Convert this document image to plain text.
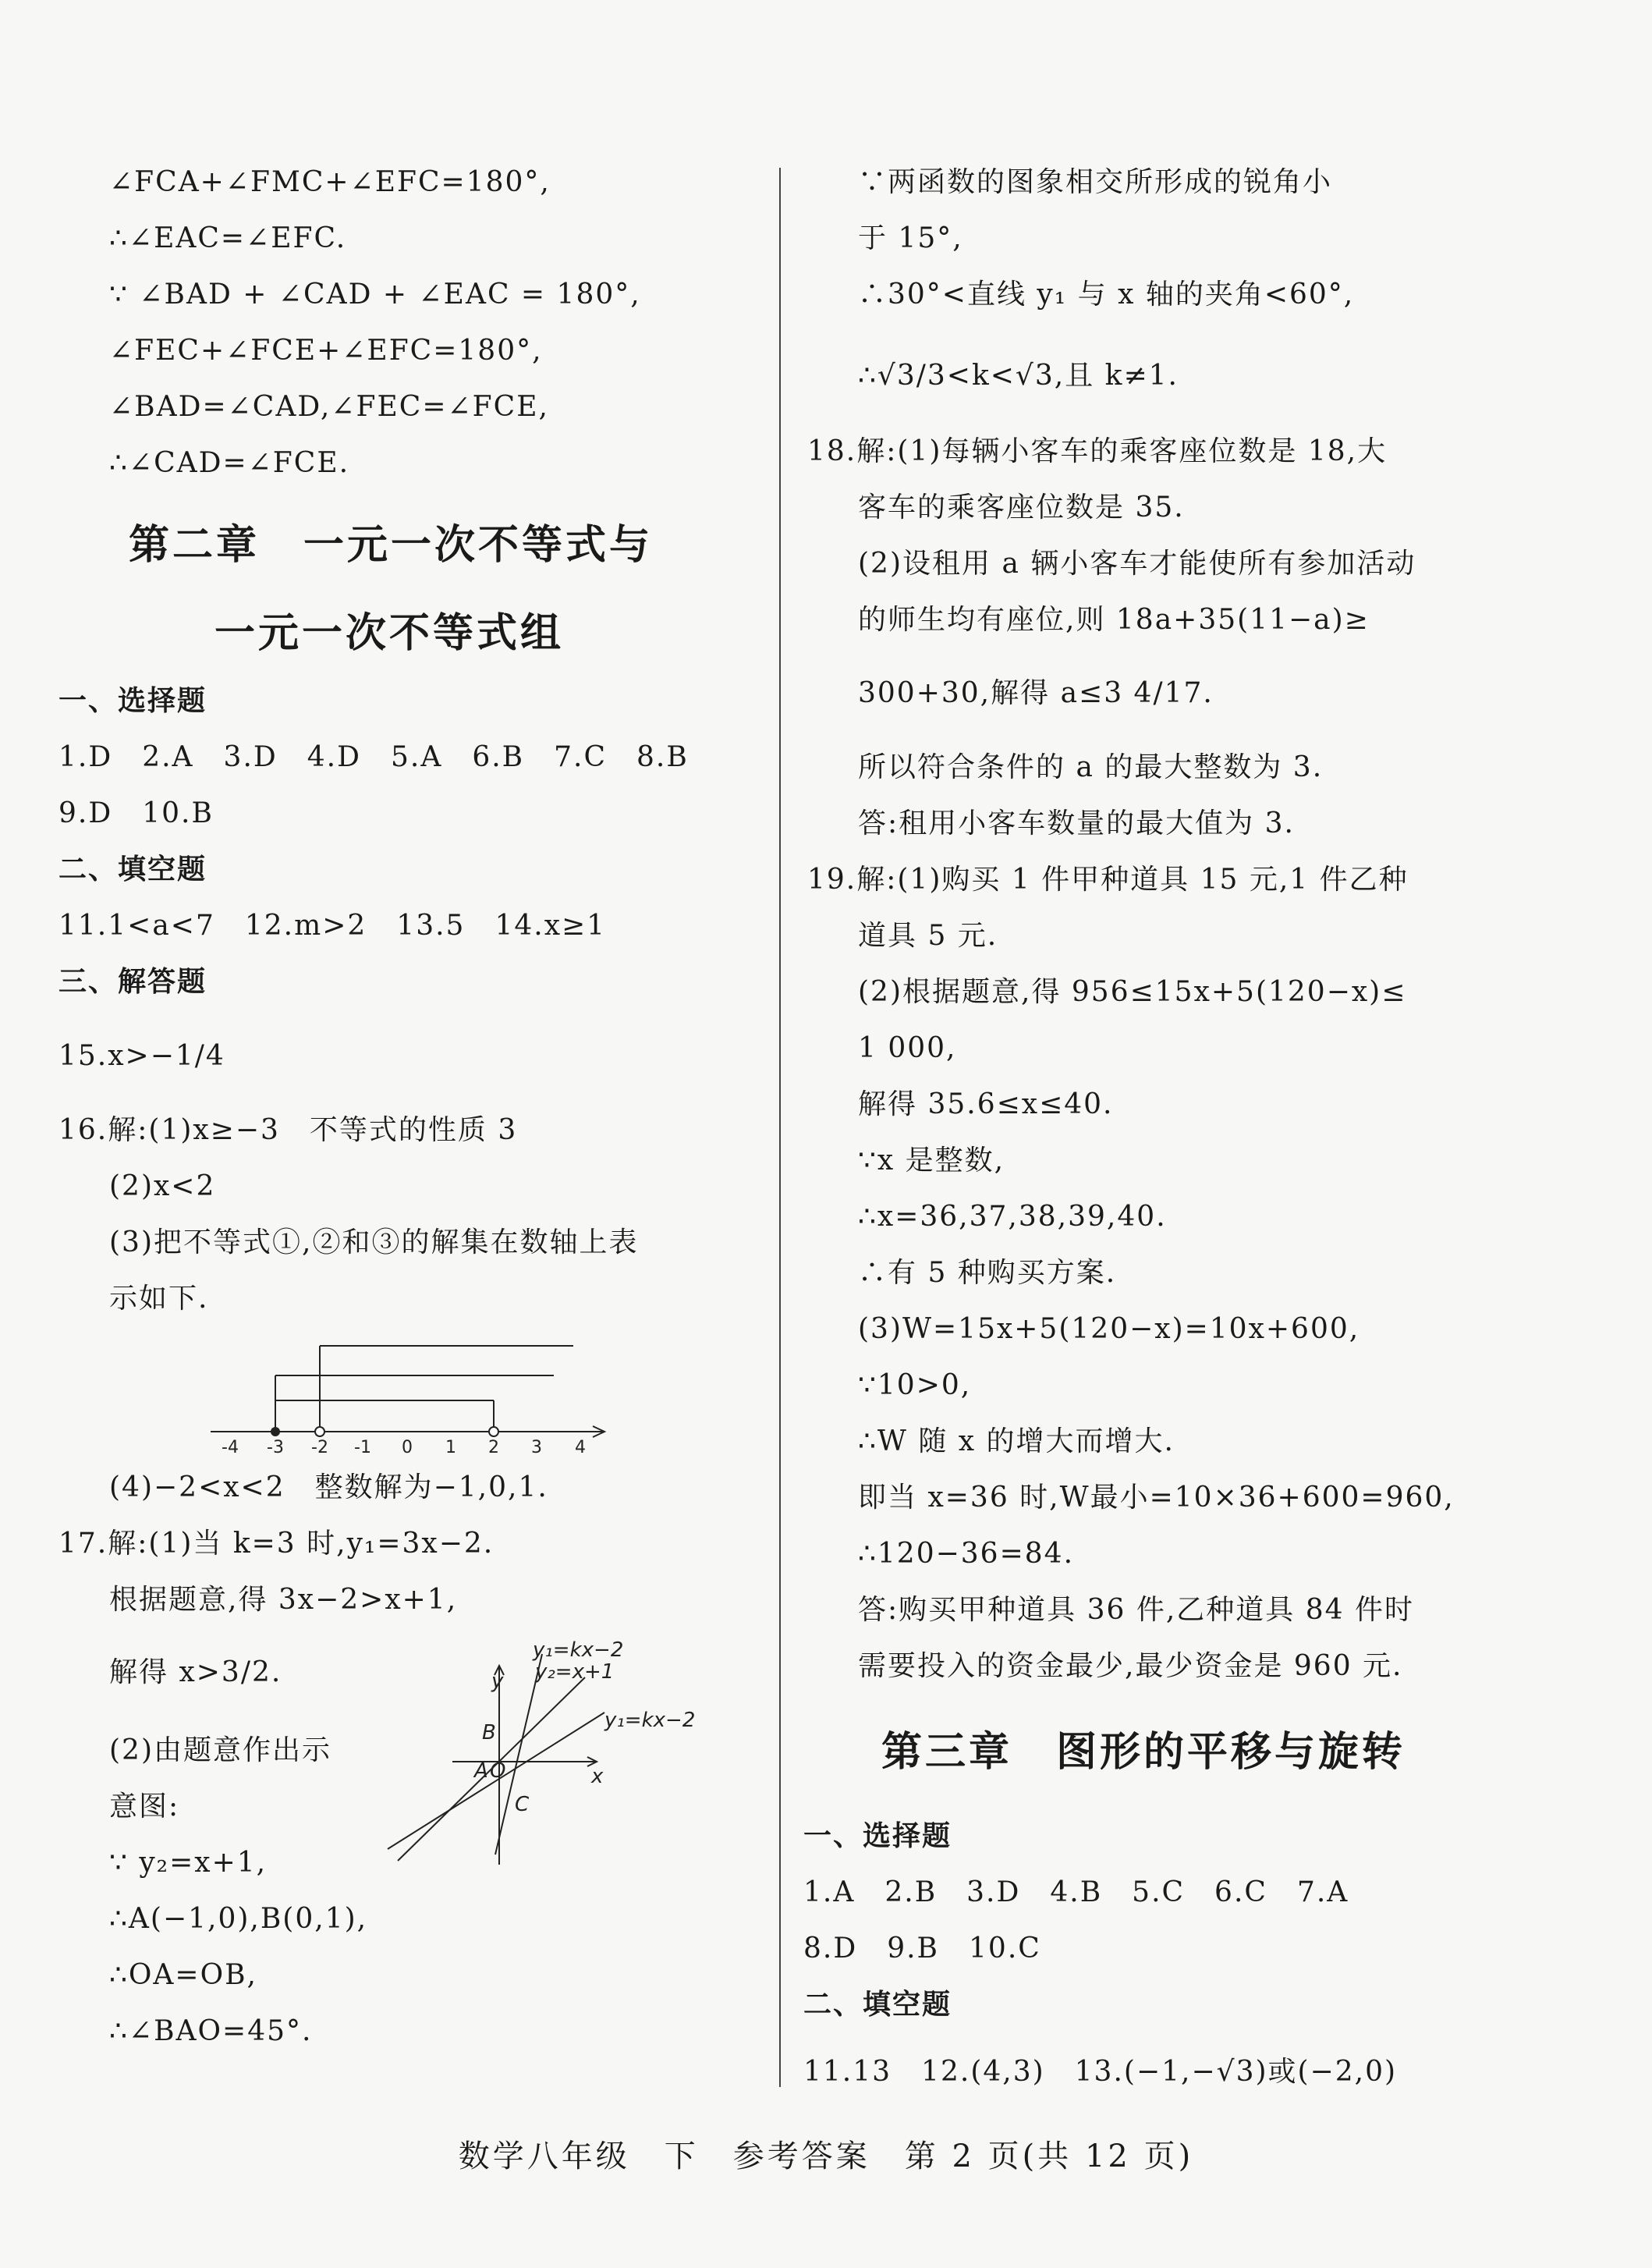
∠FCA+∠FMC+∠EFC=180°,
∴∠EAC=∠EFC.
∵ ∠BAD + ∠CAD + ∠EAC = 180°,
∠FEC+∠FCE+∠EFC=180°,
∠BAD=∠CAD,∠FEC=∠FCE,
∴∠CAD=∠FCE.
第二章　一元一次不等式与
一元一次不等式组
一、选择题
1.D　2.A　3.D　4.D　5.A　6.B　7.C　8.B
9.D　10.B
二、填空题
11.1<a<7　12.m>2　13.5　14.x≥1
三、解答题
15.x>−1/4
16.解:(1)x≥−3　不等式的性质 3
(2)x<2
(3)把不等式①,②和③的解集在数轴上表
示如下.
-4 -3 -2 -1 0 1 2 3 4
(4)−2<x<2　整数解为−1,0,1.
17.解:(1)当 k=3 时,y₁=3x−2.
根据题意,得 3x−2>x+1,
解得 x>3/2.
(2)由题意作出示
意图:
∵ y₂=x+1,
∴A(−1,0),B(0,1),
∴OA=OB,
∴∠BAO=45°.
y₁=kx−2
y₂=x+1
y₁=kx−2
y
x
B
A O
C
∵两函数的图象相交所形成的锐角小
于 15°,
∴30°<直线 y₁ 与 x 轴的夹角<60°,
∴√3/3<k<√3,且 k≠1.
18.解:(1)每辆小客车的乘客座位数是 18,大
客车的乘客座位数是 35.
(2)设租用 a 辆小客车才能使所有参加活动
的师生均有座位,则 18a+35(11−a)≥
300+30,解得 a≤3 4/17.
所以符合条件的 a 的最大整数为 3.
答:租用小客车数量的最大值为 3.
19.解:(1)购买 1 件甲种道具 15 元,1 件乙种
道具 5 元.
(2)根据题意,得 956≤15x+5(120−x)≤
1 000,
解得 35.6≤x≤40.
∵x 是整数,
∴x=36,37,38,39,40.
∴有 5 种购买方案.
(3)W=15x+5(120−x)=10x+600,
∵10>0,
∴W 随 x 的增大而增大.
即当 x=36 时,W最小=10×36+600=960,
∴120−36=84.
答:购买甲种道具 36 件,乙种道具 84 件时
需要投入的资金最少,最少资金是 960 元.
第三章　图形的平移与旋转
一、选择题
1.A　2.B　3.D　4.B　5.C　6.C　7.A
8.D　9.B　10.C
二、填空题
11.13　12.(4,3)　13.(−1,−√3)或(−2,0)
数学八年级　下　参考答案　第 2 页(共 12 页)
